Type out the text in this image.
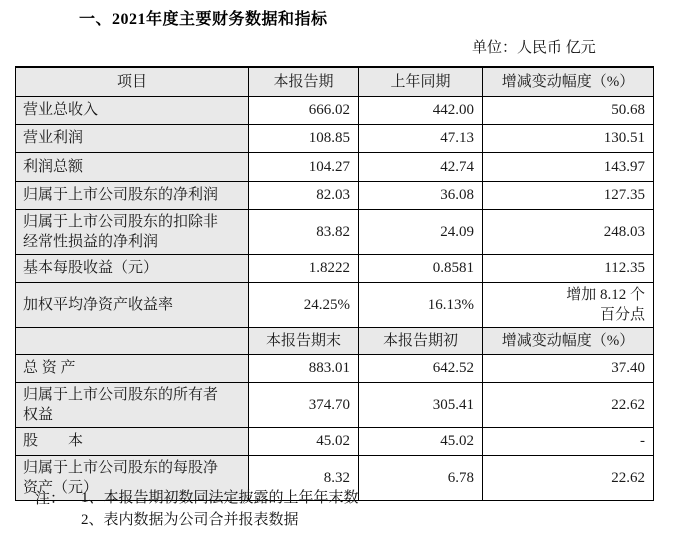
一、2021年度主要财务数据和指标
单位：人民币 亿元
项目	本报告期	上年同期	增减变动幅度（%）
营业总收入	666.02	442.00	50.68
营业利润	108.85	47.13	130.51
利润总额	104.27	42.74	143.97
归属于上市公司股东的净利润	82.03	36.08	127.35
归属于上市公司股东的扣除非经常性损益的净利润	83.82	24.09	248.03
基本每股收益（元）	1.8222	0.8581	112.35
加权平均净资产收益率	24.25%	16.13%	增加 8.12 个
百分点

	本报告期末	本报告期初	增减变动幅度（%）
总 资 产	883.01	642.52	37.40
归属于上市公司股东的所有者权益	374.70	305.41	22.62
股　　本	45.02	45.02	-
归属于上市公司股东的每股净资产（元）	8.32	6.78	22.62
注： 1、本报告期初数同法定披露的上年年末数
2、表内数据为公司合并报表数据
